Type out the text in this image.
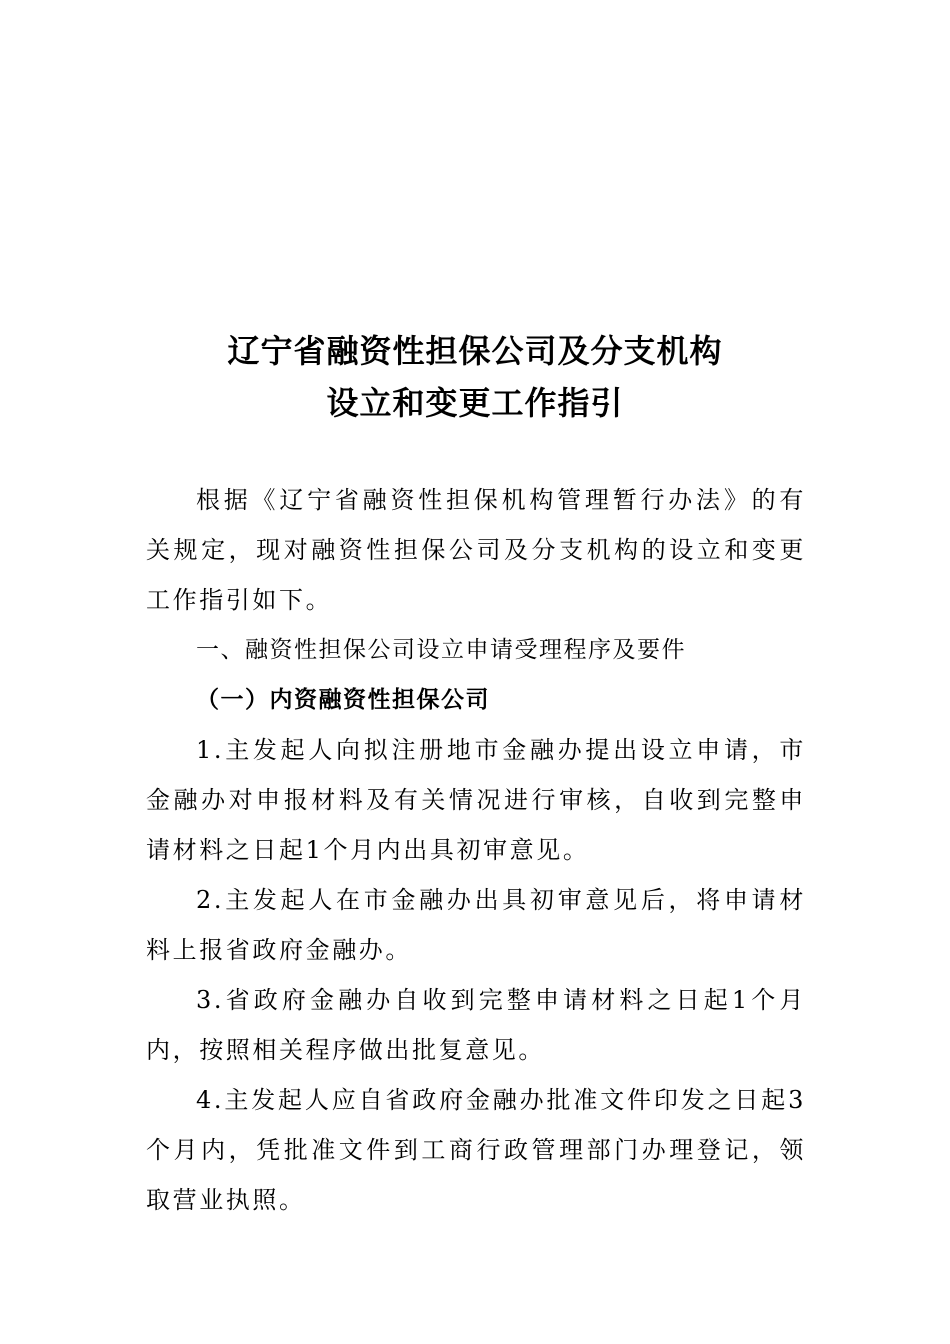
辽宁省融资性担保公司及分支机构
设立和变更工作指引

根据《辽宁省融资性担保机构管理暂行办法》的有关规定，现对融资性担保公司及分支机构的设立和变更工作指引如下。

一、融资性担保公司设立申请受理程序及要件

（一）内资融资性担保公司

1.主发起人向拟注册地市金融办提出设立申请，市金融办对申报材料及有关情况进行审核，自收到完整申请材料之日起1个月内出具初审意见。

2.主发起人在市金融办出具初审意见后，将申请材料上报省政府金融办。

3.省政府金融办自收到完整申请材料之日起1个月内，按照相关程序做出批复意见。

4.主发起人应自省政府金融办批准文件印发之日起3个月内，凭批准文件到工商行政管理部门办理登记，领取营业执照。
